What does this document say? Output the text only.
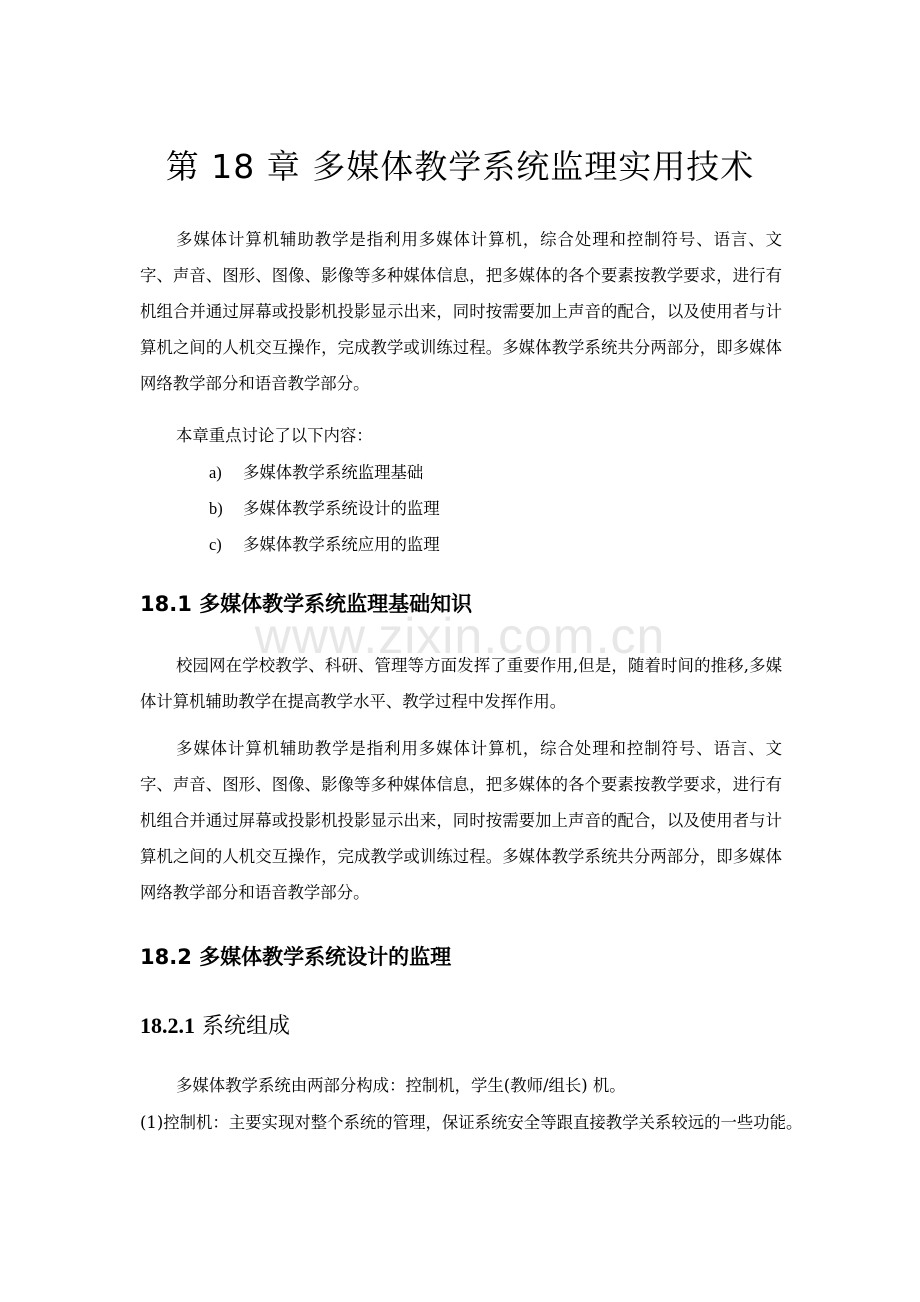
第 18 章 多媒体教学系统监理实用技术

多媒体计算机辅助教学是指利用多媒体计算机，综合处理和控制符号、语言、文字、声音、图形、图像、影像等多种媒体信息，把多媒体的各个要素按教学要求，进行有机组合并通过屏幕或投影机投影显示出来，同时按需要加上声音的配合，以及使用者与计算机之间的人机交互操作，完成教学或训练过程。多媒体教学系统共分两部分，即多媒体网络教学部分和语音教学部分。

本章重点讨论了以下内容：

a) 多媒体教学系统监理基础
b) 多媒体教学系统设计的监理
c) 多媒体教学系统应用的监理
18.1 多媒体教学系统监理基础知识
www.zixin.com.cn

校园网在学校教学、科研、管理等方面发挥了重要作用,但是，随着时间的推移,多媒体计算机辅助教学在提高教学水平、教学过程中发挥作用。

多媒体计算机辅助教学是指利用多媒体计算机，综合处理和控制符号、语言、文字、声音、图形、图像、影像等多种媒体信息，把多媒体的各个要素按教学要求，进行有机组合并通过屏幕或投影机投影显示出来，同时按需要加上声音的配合，以及使用者与计算机之间的人机交互操作，完成教学或训练过程。多媒体教学系统共分两部分，即多媒体网络教学部分和语音教学部分。

18.2 多媒体教学系统设计的监理
18.2.1 系统组成

多媒体教学系统由两部分构成：控制机，学生(教师/组长) 机。

(1)控制机：主要实现对整个系统的管理，保证系统安全等跟直接教学关系较远的一些功能。
